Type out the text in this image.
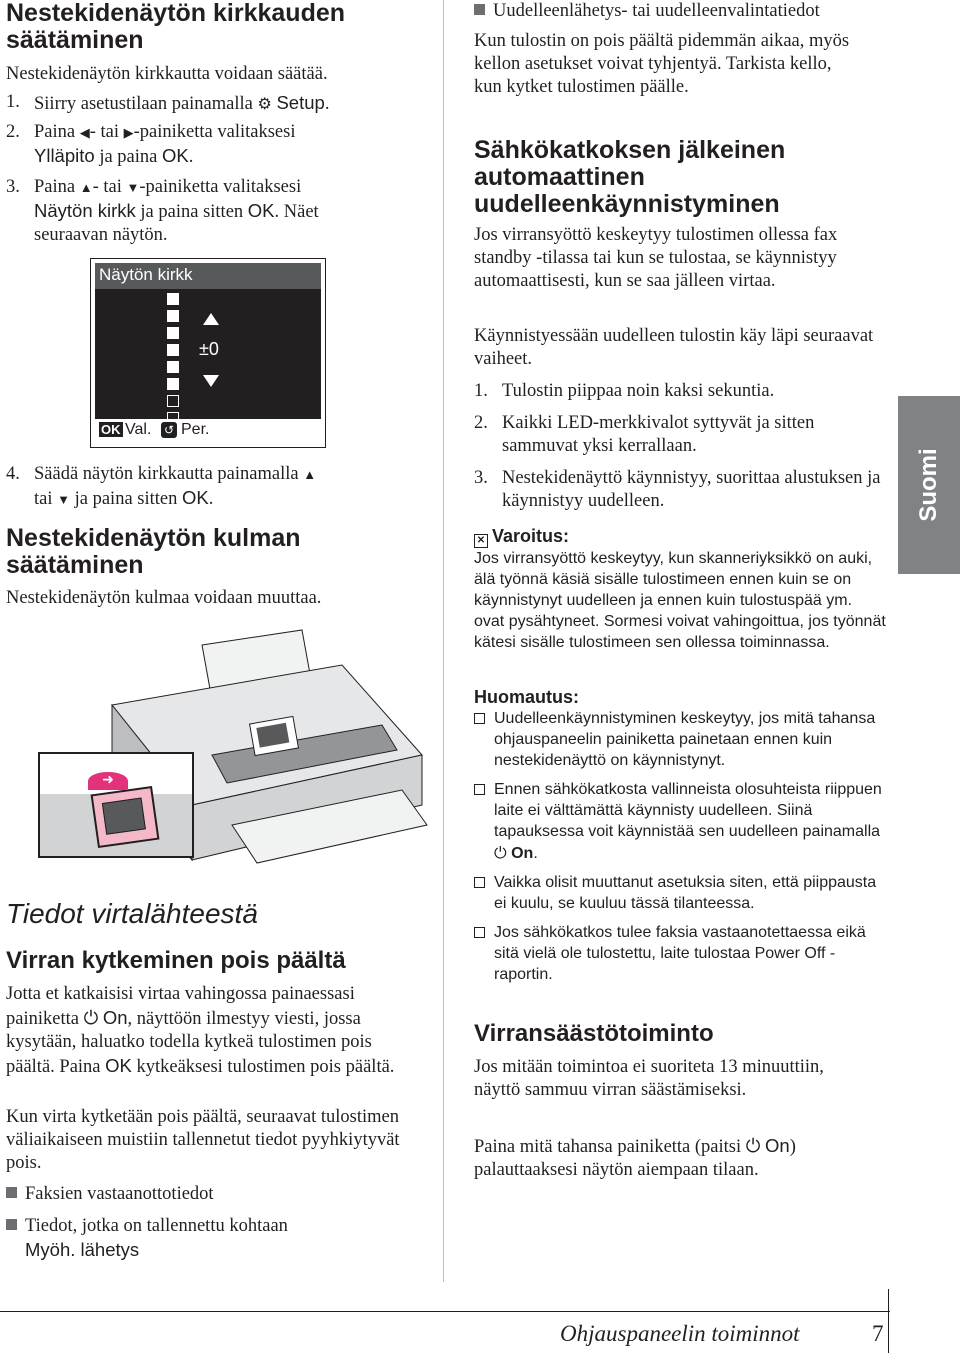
Nestekidenäytön kirkkauden säätäminen

Nestekidenäytön kirkkautta voidaan säätää.

1. Siirry asetustilaan painamalla ⚙ Setup.
2. Paina ◀- tai ▶-painiketta valitaksesi
Ylläpito ja paina OK.
3. Paina ▲- tai ▼-painiketta valitaksesi
Näytön kirkk ja paina sitten OK. Näet
seuraavan näytön.
Näytön kirkk
±0
OK Val. ↺ Per.
4. Säädä näytön kirkkautta painamalla ▲
tai ▼ ja paina sitten OK.
Nestekidenäytön kulman säätäminen

Nestekidenäytön kulmaa voidaan muuttaa.

➜
Tiedot virtalähteestä
Virran kytkeminen pois päältä

Jotta et katkaisisi virtaa vahingossa painaessasi painiketta ⏻ On, näyttöön ilmestyy viesti, jossa kysytään, haluatko todella kytkeä tulostimen pois päältä. Paina OK kytkeäksesi tulostimen pois päältä.

Kun virta kytketään pois päältä, seuraavat tulostimen väliaikaiseen muistiin tallennetut tiedot pyyhkiytyvät pois.

Faksien vastaanottotiedot
Tiedot, jotka on tallennettu kohtaan
Myöh. lähetys
Uudelleenlähetys- tai uudelleenvalintatiedot

Kun tulostin on pois päältä pidemmän aikaa, myös kellon asetukset voivat tyhjentyä. Tarkista kello, kun kytket tulostimen päälle.

Sähkökatkoksen jälkeinen automaattinen uudelleenkäynnistyminen

Jos virransyöttö keskeytyy tulostimen ollessa fax standby -tilassa tai kun se tulostaa, se käynnistyy automaattisesti, kun se saa jälleen virtaa.

Käynnistyessään uudelleen tulostin käy läpi seuraavat vaiheet.

1. Tulostin piippaa noin kaksi sekuntia.
2. Kaikki LED-merkkivalot syttyvät ja sitten sammuvat yksi kerrallaan.
3. Nestekidenäyttö käynnistyy, suorittaa alustuksen ja käynnistyy uudelleen.
✕ Varoitus:
Jos virransyöttö keskeytyy, kun skanneriyksikkö on auki, älä työnnä käsiä sisälle tulostimeen ennen kuin se on käynnistynyt uudelleen ja ennen kuin tulostuspää ym. ovat pysähtyneet. Sormesi voivat vahingoittua, jos työnnät kätesi sisälle tulostimeen sen ollessa toiminnassa.
Huomautus:
Uudelleenkäynnistyminen keskeytyy, jos mitä tahansa ohjauspaneelin painiketta painetaan ennen kuin nestekidenäyttö on käynnistynyt.
Ennen sähkökatkosta vallinneista olosuhteista riippuen laite ei välttämättä käynnisty uudelleen. Siinä tapauksessa voit käynnistää sen uudelleen painamalla ⏻ On.
Vaikka olisit muuttanut asetuksia siten, että piippausta ei kuulu, se kuuluu tässä tilanteessa.
Jos sähkökatkos tulee faksia vastaanotettaessa eikä sitä vielä ole tulostettu, laite tulostaa Power Off -raportin.
Virransäästötoiminto

Jos mitään toimintoa ei suoriteta 13 minuuttiin, näyttö sammuu virran säästämiseksi.

Paina mitä tahansa painiketta (paitsi ⏻ On) palauttaaksesi näytön aiempaan tilaan.

Suomi
Ohjauspaneelin toiminnot	7
